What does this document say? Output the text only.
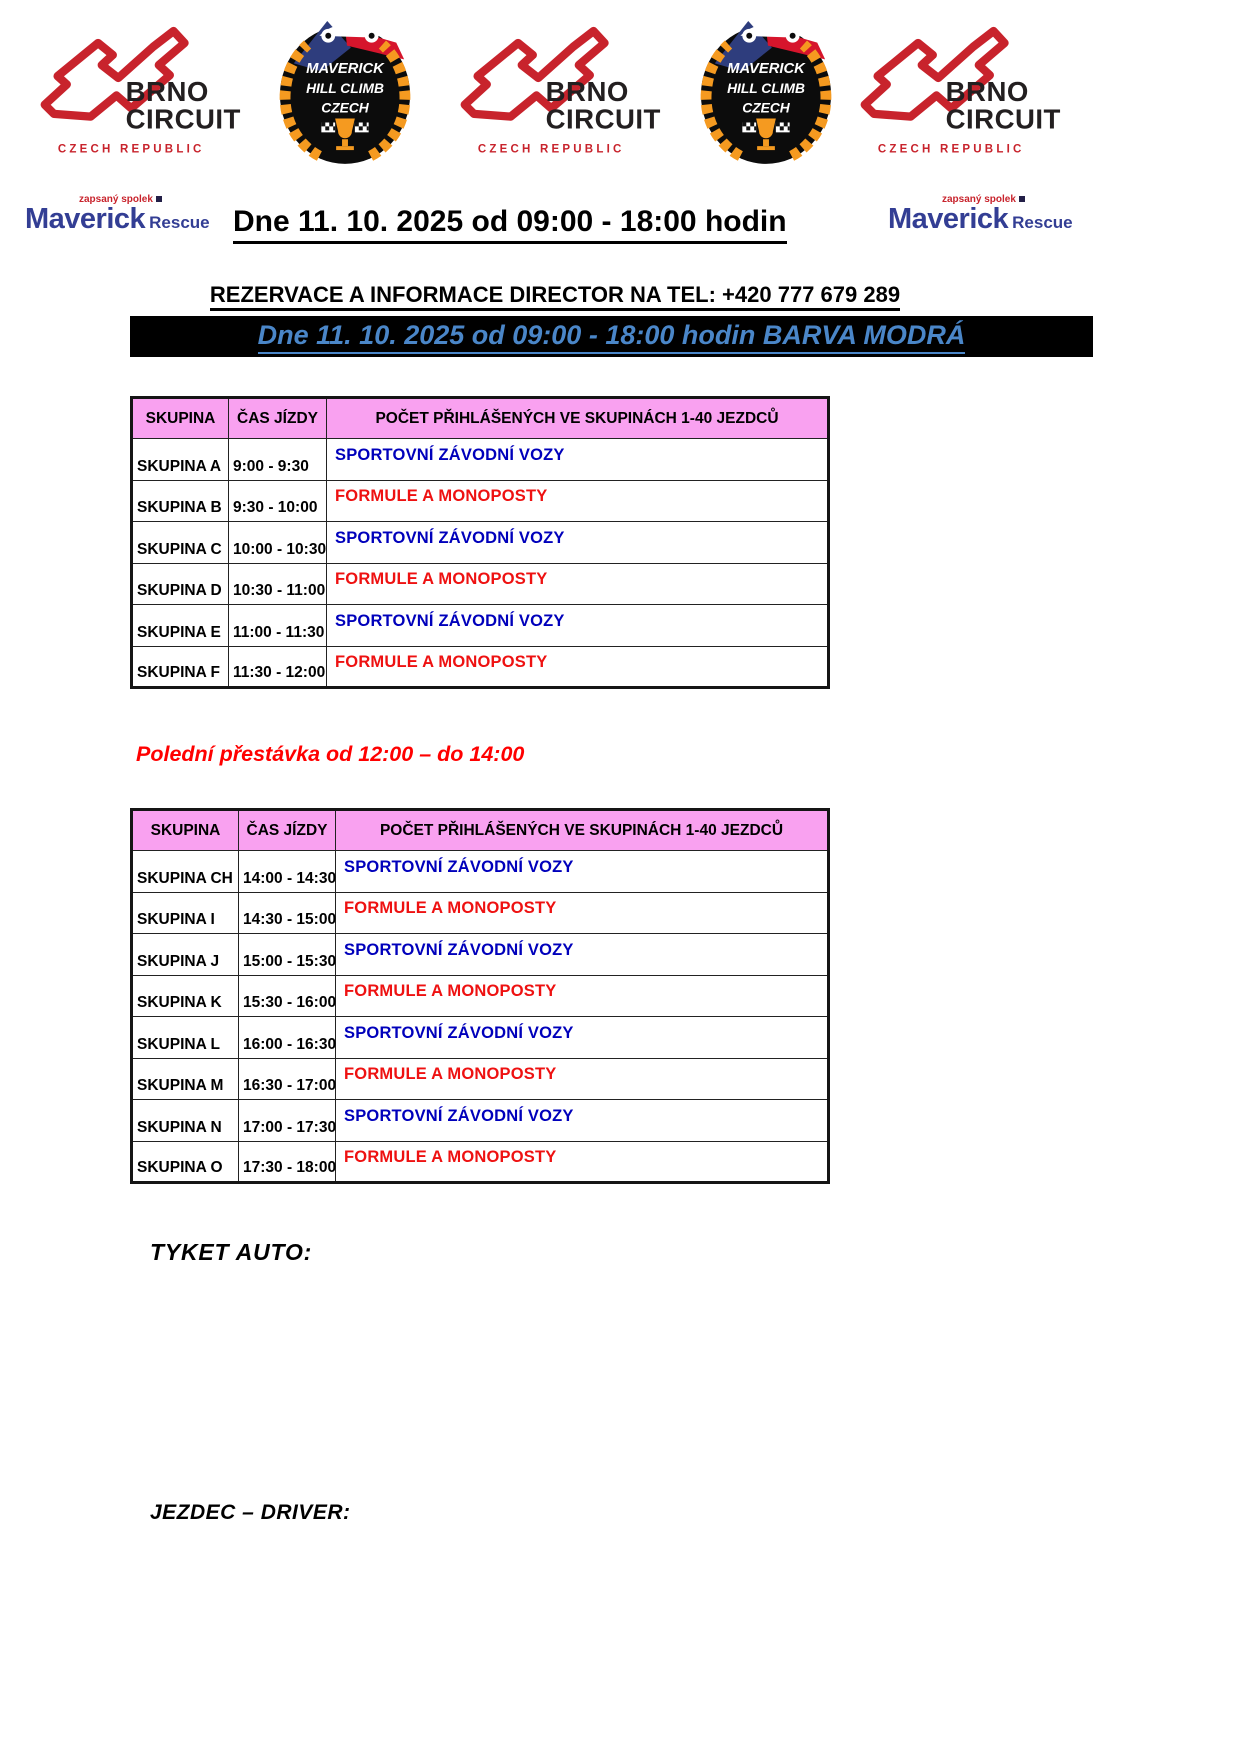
BRNO
CIRCUIT
CZECH REPUBLIC
MAVERICK
HILL CLIMB
CZECH
BRNO
CIRCUIT
CZECH REPUBLIC
MAVERICK
HILL CLIMB
CZECH
BRNO
CIRCUIT
CZECH REPUBLIC
zapsaný spolek
Maverick Rescue Dne 11. 10. 2025 od 09:00 - 18:00 hodin
zapsaný spolek
Maverick Rescue
REZERVACE A INFORMACE DIRECTOR NA TEL: +420 777 679 289
Dne 11. 10. 2025 od 09:00 - 18:00 hodin BARVA MODRÁ
SKUPINA	ČAS JÍZDY	POČET PŘIHLÁŠENÝCH VE SKUPINÁCH 1-40 JEZDCŮ
SKUPINA A	9:00 - 9:30	SPORTOVNÍ ZÁVODNÍ VOZY
SKUPINA B	9:30 - 10:00	FORMULE A MONOPOSTY
SKUPINA C	10:00 - 10:30	SPORTOVNÍ ZÁVODNÍ VOZY
SKUPINA D	10:30 - 11:00	FORMULE A MONOPOSTY
SKUPINA E	11:00 - 11:30	SPORTOVNÍ ZÁVODNÍ VOZY
SKUPINA F	11:30 - 12:00	FORMULE A MONOPOSTY
Polední přestávka od 12:00 – do 14:00
SKUPINA	ČAS JÍZDY	POČET PŘIHLÁŠENÝCH VE SKUPINÁCH 1-40 JEZDCŮ
SKUPINA CH	14:00 - 14:30	SPORTOVNÍ ZÁVODNÍ VOZY
SKUPINA I	14:30 - 15:00	FORMULE A MONOPOSTY
SKUPINA J	15:00 - 15:30	SPORTOVNÍ ZÁVODNÍ VOZY
SKUPINA K	15:30 - 16:00	FORMULE A MONOPOSTY
SKUPINA L	16:00 - 16:30	SPORTOVNÍ ZÁVODNÍ VOZY
SKUPINA M	16:30 - 17:00	FORMULE A MONOPOSTY
SKUPINA N	17:00 - 17:30	SPORTOVNÍ ZÁVODNÍ VOZY
SKUPINA O	17:30 - 18:00	FORMULE A MONOPOSTY
TYKET AUTO:
JEZDEC – DRIVER:
